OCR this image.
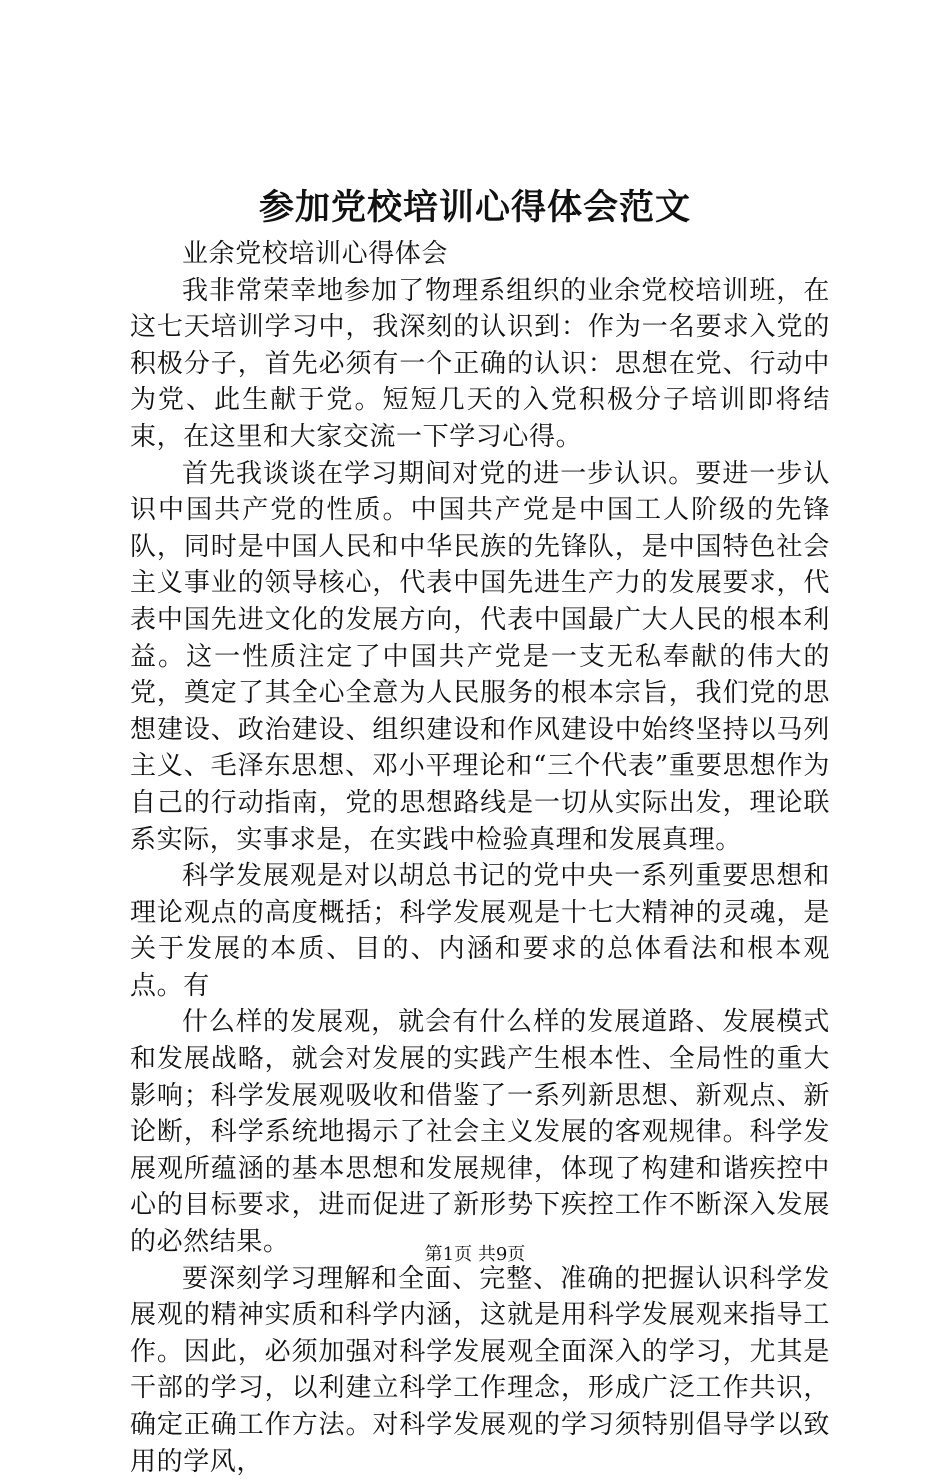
参加党校培训心得体会范文

业余党校培训心得体会

我非常荣幸地参加了物理系组织的业余党校培训班，在这七天培训学习中，我深刻的认识到：作为一名要求入党的积极分子，首先必须有一个正确的认识：思想在党、行动中为党、此生献于党。短短几天的入党积极分子培训即将结束，在这里和大家交流一下学习心得。

首先我谈谈在学习期间对党的进一步认识。要进一步认识中国共产党的性质。中国共产党是中国工人阶级的先锋队，同时是中国人民和中华民族的先锋队，是中国特色社会主义事业的领导核心，代表中国先进生产力的发展要求，代表中国先进文化的发展方向，代表中国最广大人民的根本利益。这一性质注定了中国共产党是一支无私奉献的伟大的党，奠定了其全心全意为人民服务的根本宗旨，我们党的思想建设、政治建设、组织建设和作风建设中始终坚持以马列主义、毛泽东思想、邓小平理论和“三个代表”重要思想作为自己的行动指南，党的思想路线是一切从实际出发，理论联系实际，实事求是，在实践中检验真理和发展真理。

科学发展观是对以胡总书记的党中央一系列重要思想和理论观点的高度概括；科学发展观是十七大精神的灵魂，是关于发展的本质、目的、内涵和要求的总体看法和根本观点。有

什么样的发展观，就会有什么样的发展道路、发展模式和发展战略，就会对发展的实践产生根本性、全局性的重大影响；科学发展观吸收和借鉴了一系列新思想、新观点、新论断，科学系统地揭示了社会主义发展的客观规律。科学发展观所蕴涵的基本思想和发展规律，体现了构建和谐疾控中心的目标要求，进而促进了新形势下疾控工作不断深入发展的必然结果。

要深刻学习理解和全面、完整、准确的把握认识科学发展观的精神实质和科学内涵，这就是用科学发展观来指导工作。因此，必须加强对科学发展观全面深入的学习，尤其是干部的学习，以利建立科学工作理念，形成广泛工作共识，确定正确工作方法。对科学发展观的学习须特别倡导学以致用的学风，

第1页 共9页
